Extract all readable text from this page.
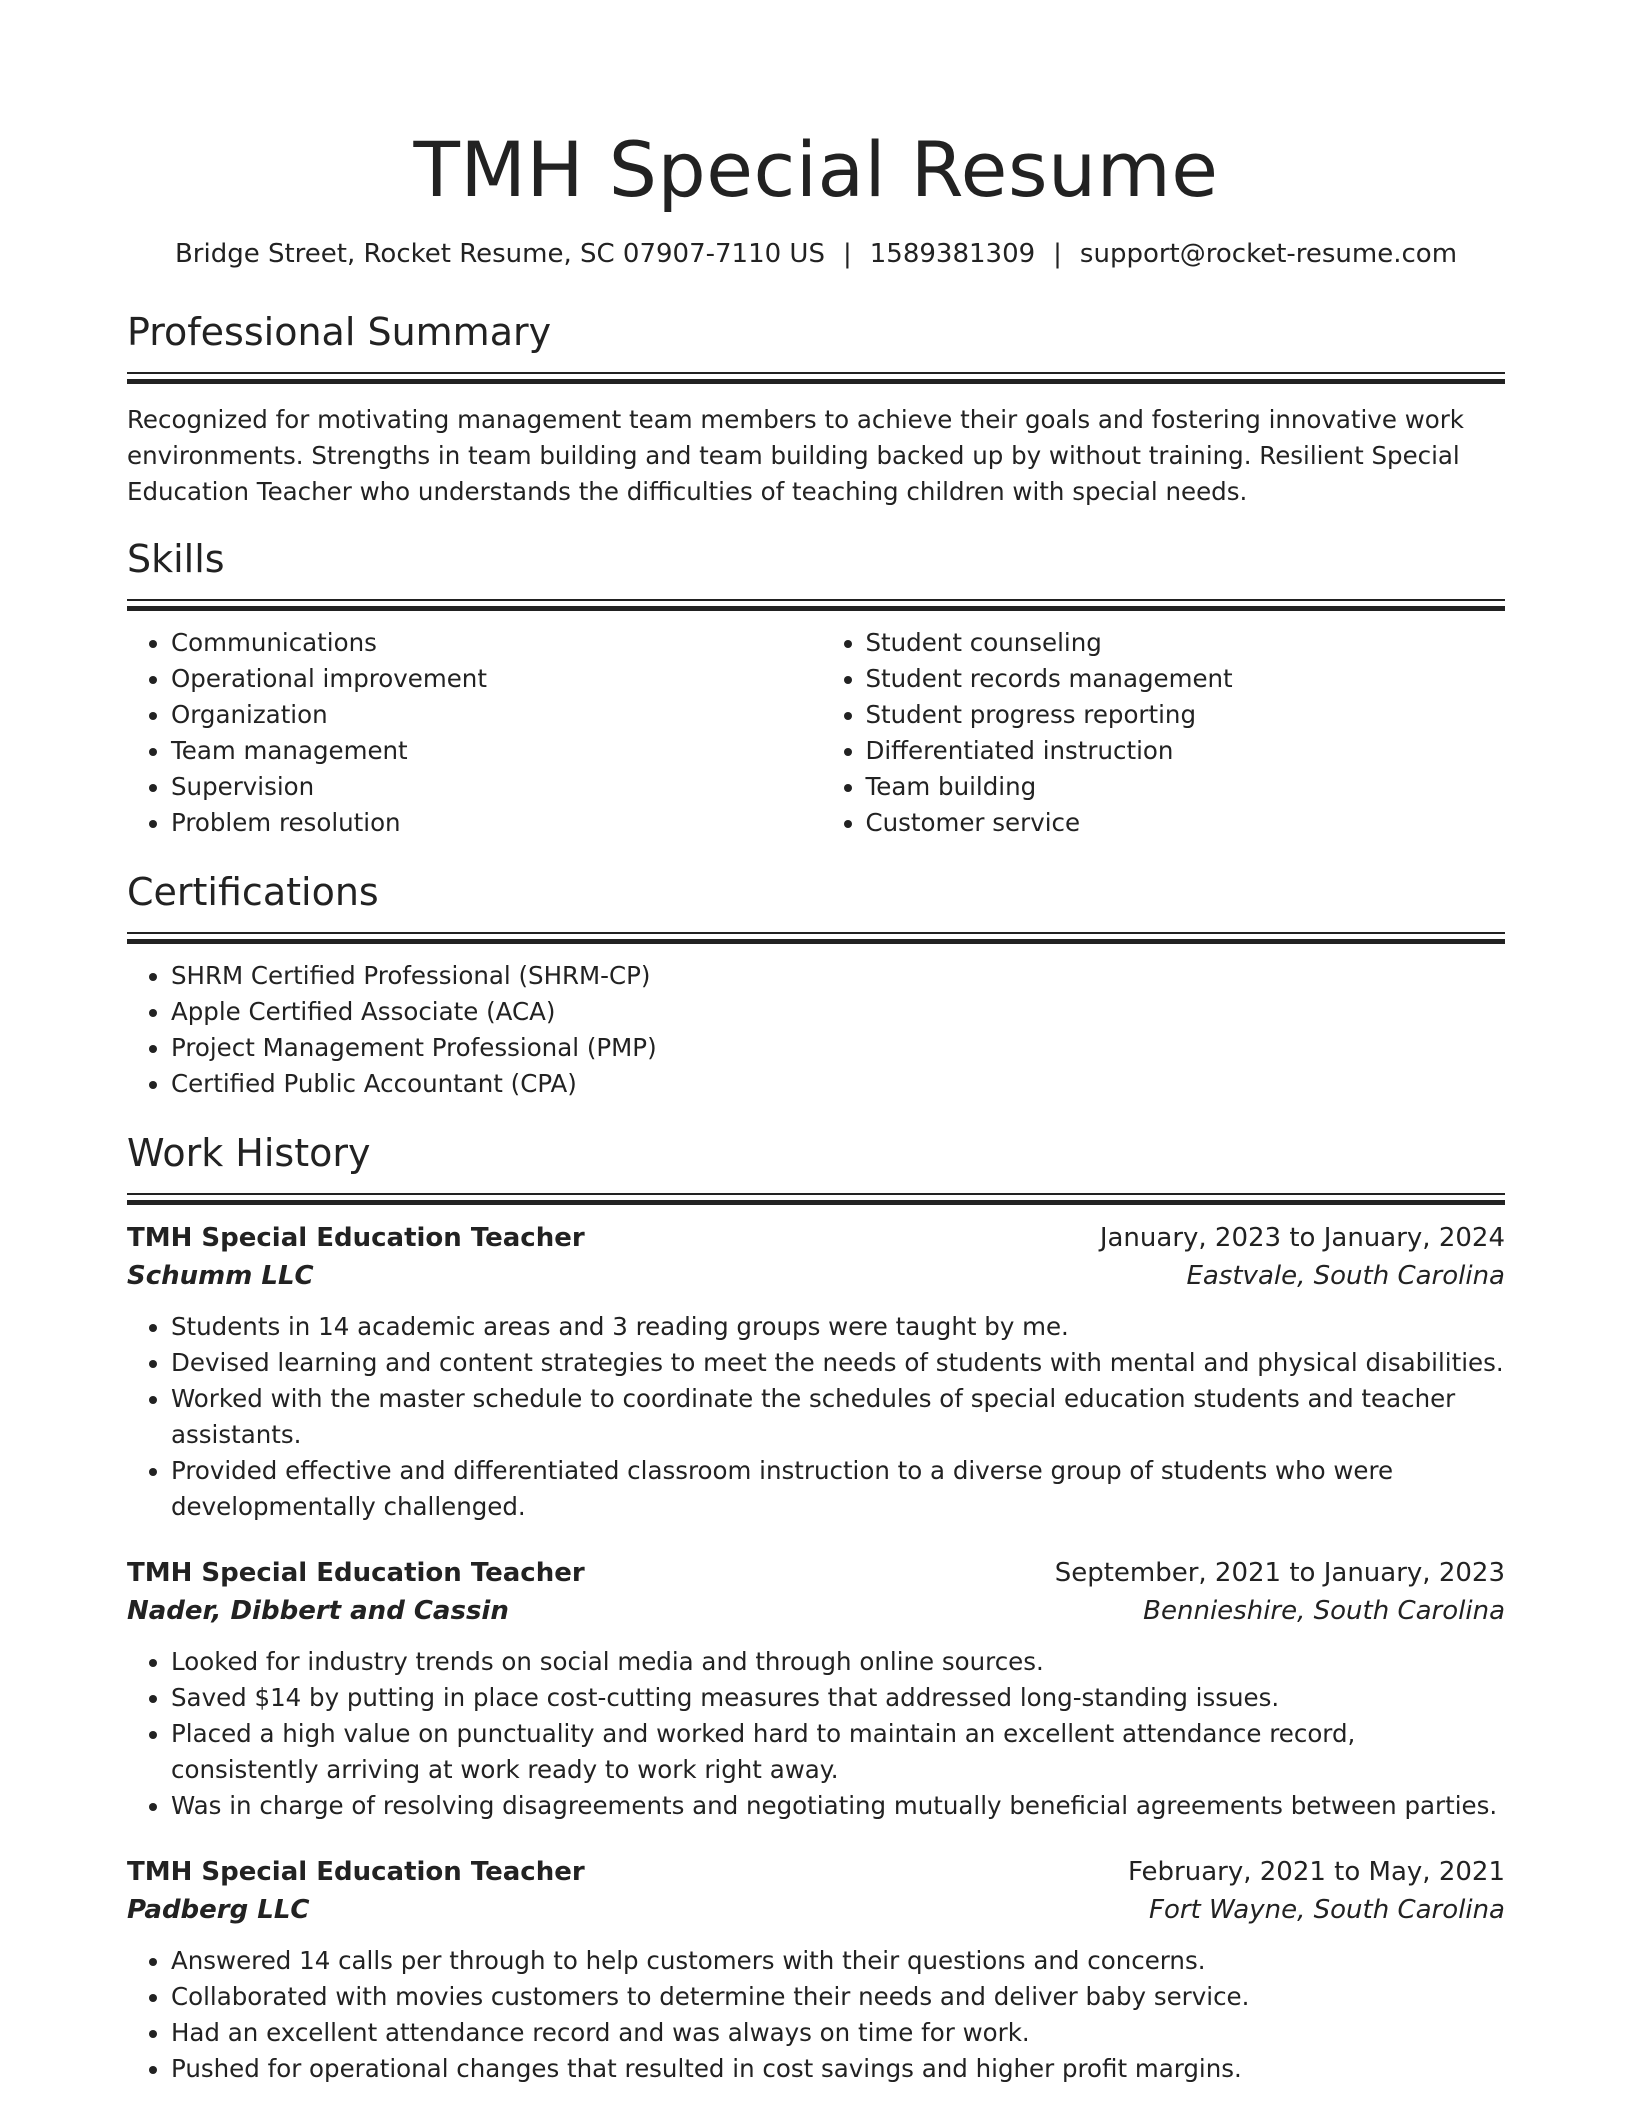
TMH Special Resume
Bridge Street, Rocket Resume, SC 07907-7110 US | 1589381309 | support@rocket-resume.com
Professional Summary

Recognized for motivating management team members to achieve their goals and fostering innovative work environments. Strengths in team building and team building backed up by without training. Resilient Special Education Teacher who understands the difficulties of teaching children with special needs.

Skills
• Communications
• Operational improvement
• Organization
• Team management
• Supervision
• Problem resolution
• Student counseling
• Student records management
• Student progress reporting
• Differentiated instruction
• Team building
• Customer service
Certifications
• SHRM Certified Professional (SHRM-CP)
• Apple Certified Associate (ACA)
• Project Management Professional (PMP)
• Certified Public Accountant (CPA)
Work History
TMH Special Education Teacher	January, 2023 to January, 2024
Schumm LLC	Eastvale, South Carolina
• Students in 14 academic areas and 3 reading groups were taught by me.
• Devised learning and content strategies to meet the needs of students with mental and physical disabilities.
• Worked with the master schedule to coordinate the schedules of special education students and teacher assistants.
• Provided effective and differentiated classroom instruction to a diverse group of students who were developmentally challenged.
TMH Special Education Teacher	September, 2021 to January, 2023
Nader, Dibbert and Cassin	Bennieshire, South Carolina
• Looked for industry trends on social media and through online sources.
• Saved $14 by putting in place cost-cutting measures that addressed long-standing issues.
• Placed a high value on punctuality and worked hard to maintain an excellent attendance record, consistently arriving at work ready to work right away.
• Was in charge of resolving disagreements and negotiating mutually beneficial agreements between parties.
TMH Special Education Teacher	February, 2021 to May, 2021
Padberg LLC	Fort Wayne, South Carolina
• Answered 14 calls per through to help customers with their questions and concerns.
• Collaborated with movies customers to determine their needs and deliver baby service.
• Had an excellent attendance record and was always on time for work.
• Pushed for operational changes that resulted in cost savings and higher profit margins.
